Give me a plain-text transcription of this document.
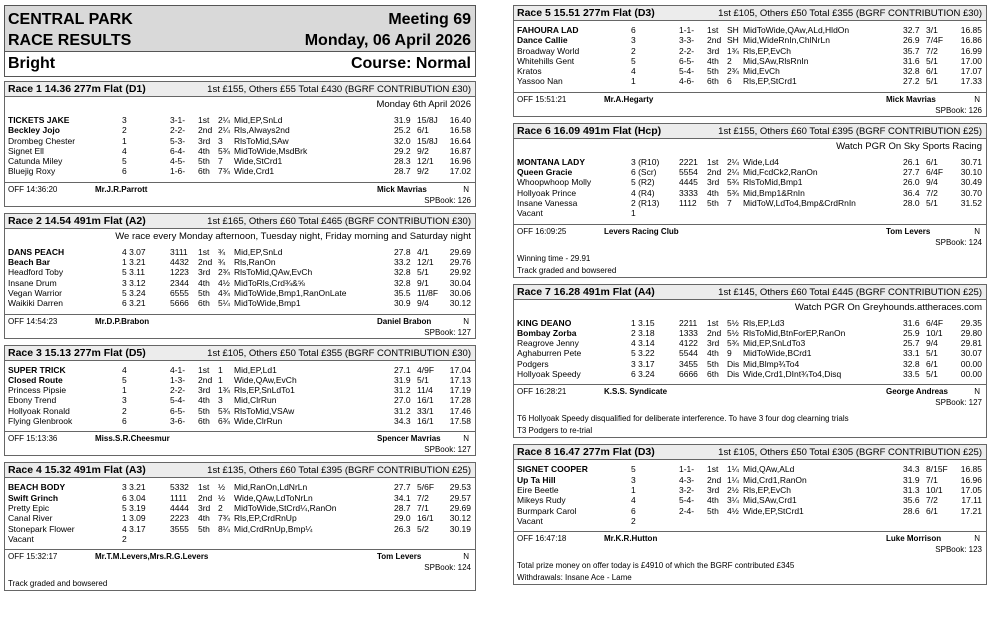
CENTRAL PARK
RACE RESULTS
Meeting 69
Monday, 06 April 2026
Bright	Course: Normal
Race 1 14.36 277m Flat (D1)	1st £155, Others £55 Total £430 (BGRF CONTRIBUTION £30)
Monday 6th April 2026
TICKETS JAKE	3	3-1- 1st 2¼ Mid,EP,SnLd	31.9 15/8J 16.40
Beckley Jojo	2	2-2- 2nd 2¼ Rls,Always2nd	25.2 6/1 16.58
Drombeg Chester	1	5-3- 3rd 3 RlsToMid,SAw	32.0 15/8J 16.64
Signet Ell	4	6-4- 4th 5¾ MidToWide,MsdBrk	29.2 9/2 16.87
Catunda Miley	5	4-5- 5th 7 Wide,StCrd1	28.3 12/1 16.96
Bluejig Roxy	6	1-6- 6th 7¾ Wide,Crd1	28.7 9/2 17.02
OFF 14:36:20	Mr.J.R.Parrott	Mick Mavrias	N
SPBook: 126
Race 2 14.54 491m Flat (A2)	1st £165, Others £60 Total £465 (BGRF CONTRIBUTION £30)
We race every Monday afternoon, Tuesday night, Friday morning and Saturday night
DANS PEACH	4 3.07	3111 1st ¾ Mid,EP,SnLd	27.8 4/1 29.69
Beach Bar	1 3.21	4432 2nd ¾ Rls,RanOn	33.2 12/1 29.76
Headford Toby	5 3.11	1223 3rd 2¾ RlsToMid,QAw,EvCh	32.8 5/1 29.92
Insane Drum	3 3.12	2344 4th 4½ MidToRls,Crd¾&⅝	32.8 9/1 30.04
Vegan Warrior	5 3.24	6555 5th 4¾ MidToWide,Bmp1,RanOnLate	35.5 11/8F 30.06
Waikiki Darren	6 3.21	5666 6th 5¼ MidToWide,Bmp1	30.9 9/4 30.12
OFF 14:54:23	Mr.D.P.Brabon	Daniel Brabon	N
SPBook: 127
Race 3 15.13 277m Flat (D5)	1st £105, Others £50 Total £355 (BGRF CONTRIBUTION £30)
SUPER TRICK	4	4-1- 1st 1 Mid,EP,Ld1	27.1 4/9F 17.04
Closed Route	5	1-3- 2nd 1 Wide,QAw,EvCh	31.9 5/1 17.13
Princess Pipsie	1	2-2- 3rd 1¾ Rls,EP,SnLdTo1	31.2 11/4 17.19
Ebony Trend	3	5-4- 4th 3 Mid,ClrRun	27.0 16/1 17.28
Hollyoak Ronald	2	6-5- 5th 5¾ RlsToMid,VSAw	31.2 33/1 17.46
Flying Glenbrook	6	3-6- 6th 6¾ Wide,ClrRun	34.3 16/1 17.58
OFF 15:13:36	Miss.S.R.Cheesmur	Spencer Mavrias	N
SPBook: 127
Race 4 15.32 491m Flat (A3)	1st £135, Others £60 Total £395 (BGRF CONTRIBUTION £25)
BEACH BODY	3 3.21	5332 1st ½ Mid,RanOn,LdNrLn	27.7 5/6F 29.53
Swift Grinch	6 3.04	1111 2nd ½ Wide,QAw,LdToNrLn	34.1 7/2 29.57
Pretty Epic	5 3.19	4444 3rd 2 MidToWide,StCrd¼,RanOn	28.7 7/1 29.69
Canal River	1 3.09	2223 4th 7¾ Rls,EP,CrdRnUp	29.0 16/1 30.12
Stonepark Flower	4 3.17	3555 5th 8¼ Mid,CrdRnUp,Bmp¼	26.3 5/2 30.19
Vacant	2
OFF 15:32:17	Mr.T.M.Levers,Mrs.R.G.Levers	Tom Levers	N
SPBook: 124
Track graded and bowsered
Race 5 15.51 277m Flat (D3)	1st £105, Others £50 Total £355 (BGRF CONTRIBUTION £30)
FAHOURA LAD	6	1-1- 1st SH MidToWide,QAw,ALd,HldOn	32.7 3/1	16.85
Dance Callie	3	3-3- 2nd SH Mid,WideRnIn,ChlNrLn	26.9 7/4F 16.86
Broadway World	2	2-2- 3rd 1¾ Rls,EP,EvCh	35.7 7/2	16.99
Whitehills Gent	5	6-5- 4th 2 Mid,SAw,RlsRnIn	31.6 5/1	17.00
Kratos	4	5-4- 5th 2¾ Mid,EvCh	32.8 6/1	17.07
Yassoo Nan	1	4-6- 6th 6 Rls,EP,StCrd1	27.2 5/1	17.33
OFF 15:51:21	Mr.A.Hegarty	Mick Mavrias	N
SPBook: 126
Race 6 16.09 491m Flat (Hcp)	1st £155, Others £60 Total £395 (BGRF CONTRIBUTION £25)
Watch PGR On Sky Sports Racing
MONTANA LADY	3 (R10) 2221 1st 2¼ Wide,Ld4	26.1 6/1	30.71
Queen Gracie	6 (Scr)	5554 2nd 2¼ Mid,FcdCk2,RanOn	27.7 6/4F 30.10
Whoopwhoop Molly	5 (R2)	4445 3rd 5¾ RlsToMid,Bmp1	26.0 9/4	30.49
Hollyoak Prince	4 (R4)	3333 4th 5¾ Mid,Bmp1&RnIn	36.4 7/2	30.70
Insane Vanessa	2 (R13) 1112 5th 7 MidToW,LdTo4,Bmp&CrdRnIn	28.0 5/1	31.52
Vacant	1
OFF 16:09:25	Levers Racing Club	Tom Levers	N
SPBook: 124
Winning time - 29.91
Track graded and bowsered
Race 7 16.28 491m Flat (A4)	1st £145, Others £60 Total £445 (BGRF CONTRIBUTION £25)
Watch PGR On Greyhounds.attheraces.com
KING DEANO	1 3.15	2211 1st 5½ Rls,EP,Ld3	31.6 6/4F 29.35
Bombay Zorba	2 3.18	1333 2nd 5½ RlsToMid,BtnForEP,RanOn	25.9 10/1 29.80
Reagrove Jenny	4 3.14	4122 3rd 5¾ Mid,EP,SnLdTo3	25.7 9/4	29.81
Aghaburren Pete	5 3.22	5544 4th 9 MidToWide,BCrd1	33.1 5/1	30.07
Podgers	3 3.17	3455 5th Dis Mid,Blmp¾To4	32.8 6/1	00.00
Hollyoak Speedy	6 3.24	6666 6th Dis Wide,Crd1,DInt¾To4,Disq	33.5 5/1	00.00
OFF 16:28:21	K.S.S. Syndicate	George Andreas	N
SPBook: 127
T6 Hollyoak Speedy disqualified for deliberate interference. To have 3 four dog clearning trials
T3 Podgers to re-trial
Race 8 16.47 277m Flat (D3)	1st £105, Others £50 Total £305 (BGRF CONTRIBUTION £25)
SIGNET COOPER	5	1-1- 1st 1¼ Mid,QAw,ALd	34.3 8/15F 16.85
Up Ta Hill	3	4-3- 2nd 1¼ Mid,Crd1,RanOn	31.9 7/1	16.96
Eire Beetle	1	3-2- 3rd 2½ Rls,EP,EvCh	31.3 10/1 17.05
Mikeys Rudy	4	5-4- 4th 3¼ Mid,SAw,Crd1	35.6 7/2	17.11
Burmpark Carol	6	2-4- 5th 4½ Wide,EP,StCrd1	28.6 6/1	17.21
Vacant	2
OFF 16:47:18	Mr.K.R.Hutton	Luke Morrison	N
SPBook: 123
Total prize money on offer today is £4910 of which the BGRF contributed £345
Withdrawals: Insane Ace - Lame
